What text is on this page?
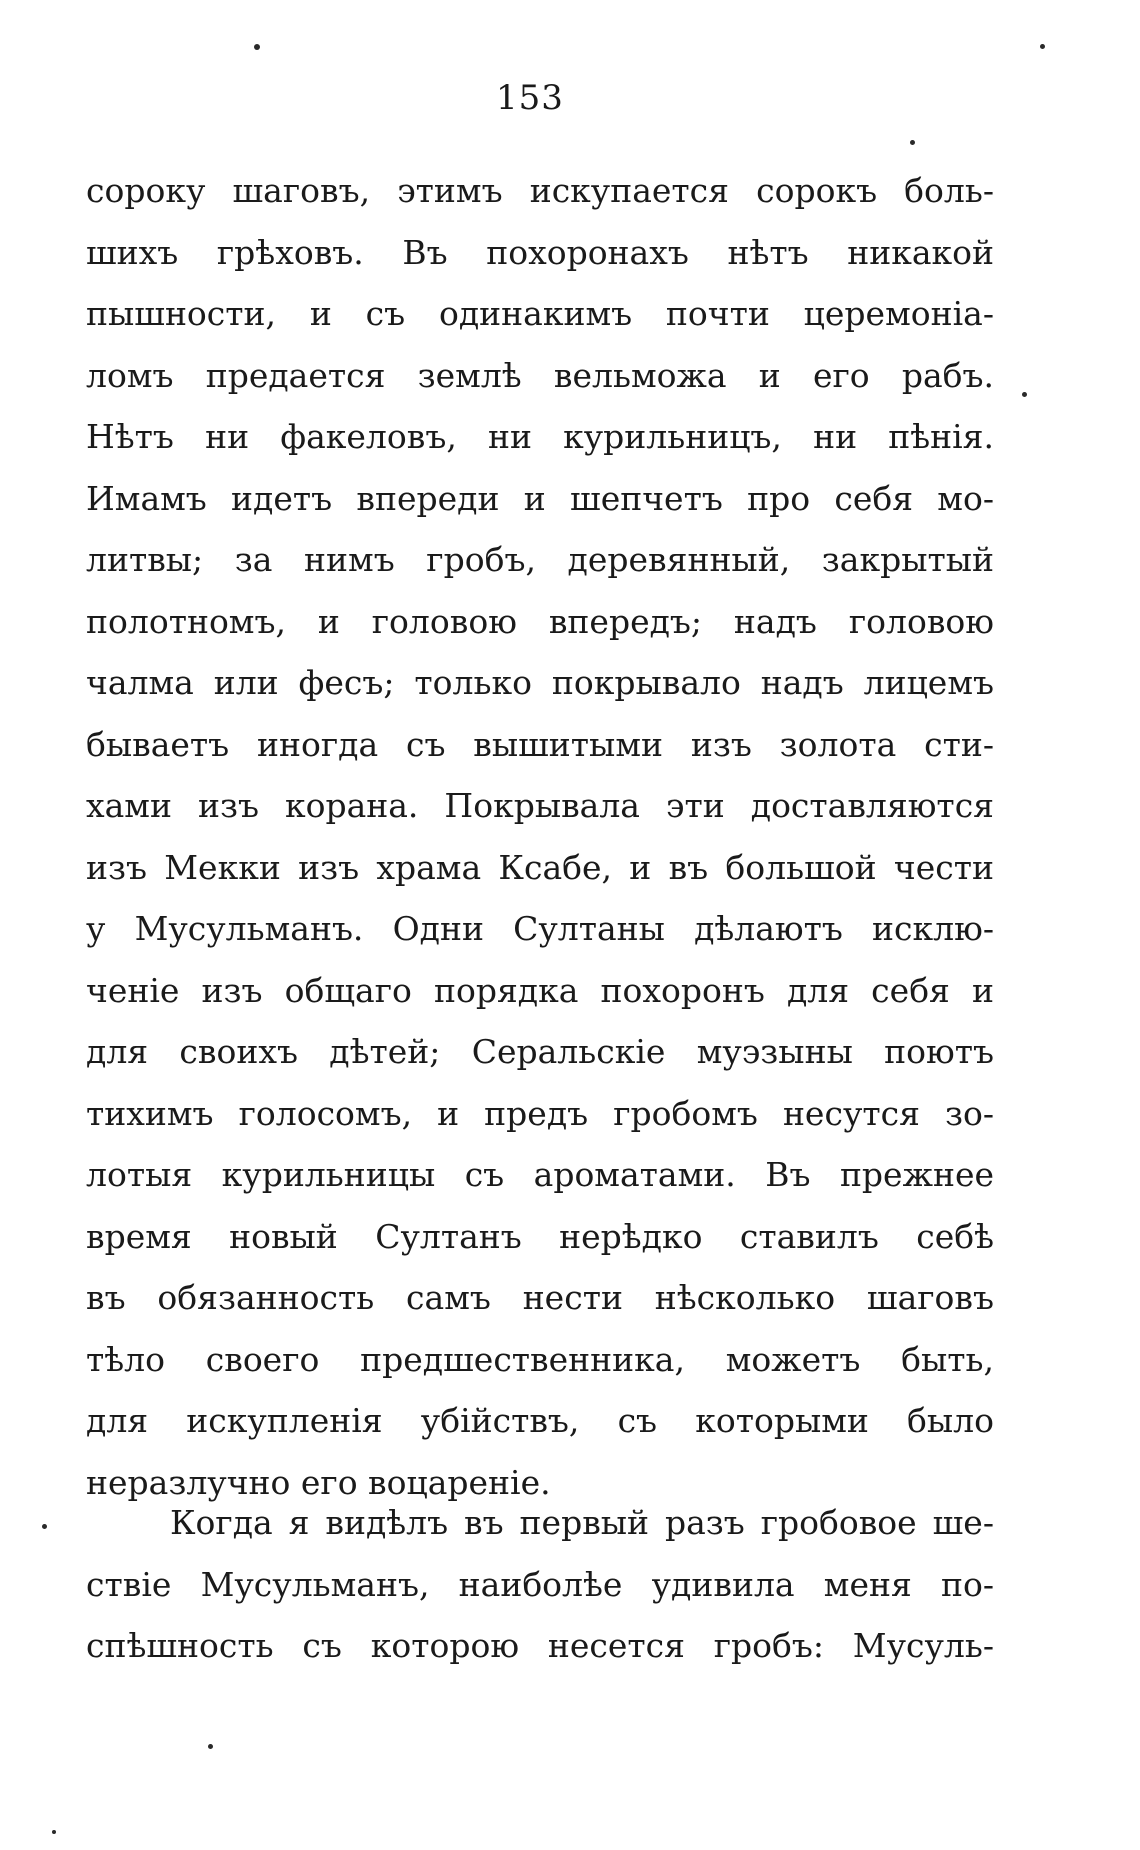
153
сороку шаговъ, этимъ искупается сорокъ боль-
шихъ грѣховъ. Въ похоронахъ нѣтъ никакой
пышности, и съ одинакимъ почти церемоніа-
ломъ предается землѣ вельможа и его рабъ.
Нѣтъ ни факеловъ, ни курильницъ, ни пѣнія.
Имамъ идетъ впереди и шепчетъ про себя мо-
литвы; за нимъ гробъ, деревянный, закрытый
полотномъ, и головою впередъ; надъ головою
чалма или фесъ; только покрывало надъ лицемъ
бываетъ иногда съ вышитыми изъ золота сти-
хами изъ корана. Покрывала эти доставляются
изъ Мекки изъ храма Ксабе, и въ большой чести
у Мусульманъ. Одни Султаны дѣлаютъ исклю-
ченіе изъ общаго порядка похоронъ для себя и
для своихъ дѣтей; Серальскіе муэзыны поютъ
тихимъ голосомъ, и предъ гробомъ несутся зо-
лотыя курильницы съ ароматами. Въ прежнее
время новый Султанъ нерѣдко ставилъ себѣ
въ обязанность самъ нести нѣсколько шаговъ
тѣло своего предшественника, можетъ быть,
для искупленія убійствъ, съ которыми было
неразлучно его воцареніе.
Когда я видѣлъ въ первый разъ гробовое ше-
ствіе Мусульманъ, наиболѣе удивила меня по-
спѣшность съ которою несется гробъ: Мусуль-
